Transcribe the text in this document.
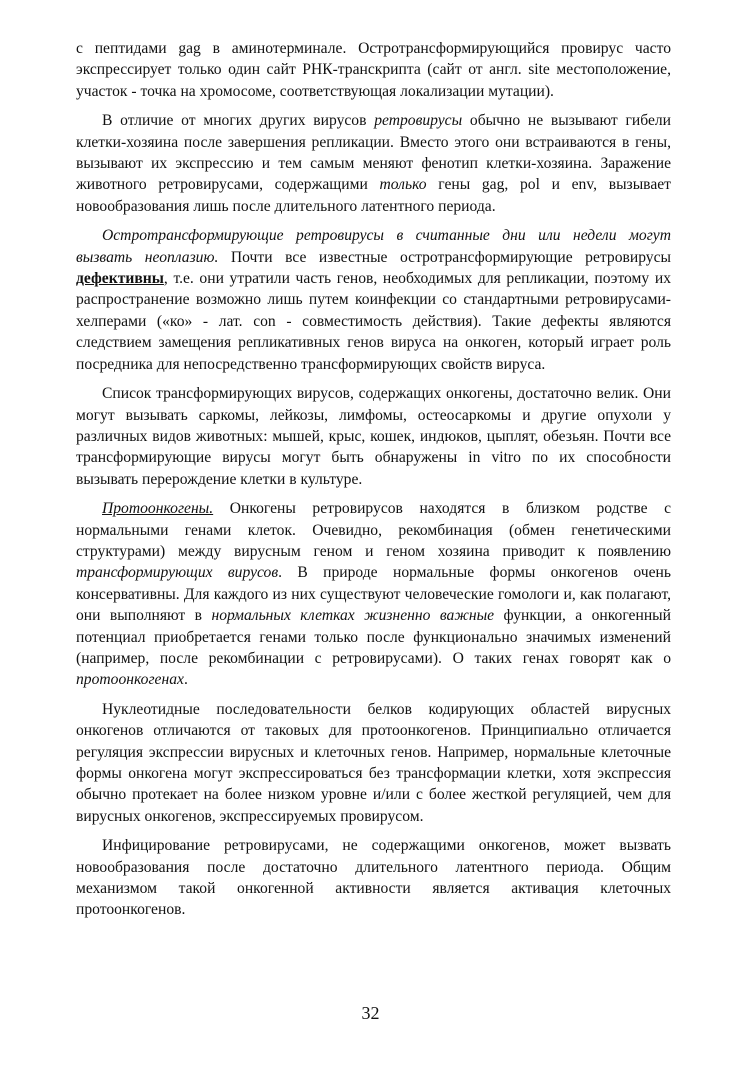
с пептидами gag в аминотерминале. Остротрансформирующийся провирус часто экспрессирует только один сайт РНК-транскрипта (сайт от англ. site местоположение, участок - точка на хромосоме, соответствующая локализации мутации).

В отличие от многих других вирусов ретровирусы обычно не вызывают гибели клетки-хозяина после завершения репликации. Вместо этого они встраиваются в гены, вызывают их экспрессию и тем самым меняют фенотип клетки-хозяина. Заражение животного ретровирусами, содержащими только гены gag, pol и env, вызывает новообразования лишь после длительного латентного периода.

Остротрансформирующие ретровирусы в считанные дни или недели могут вызвать неоплазию. Почти все известные остротрансформирующие ретровирусы дефективны, т.е. они утратили часть генов, необходимых для репликации, поэтому их распространение возможно лишь путем коинфекции со стандартными ретровирусами-хелперами («ко» - лат. con - совместимость действия). Такие дефекты являются следствием замещения репликативных генов вируса на онкоген, который играет роль посредника для непосредственно трансформирующих свойств вируса.

Список трансформирующих вирусов, содержащих онкогены, достаточно велик. Они могут вызывать саркомы, лейкозы, лимфомы, остеосаркомы и другие опухоли у различных видов животных: мышей, крыс, кошек, индюков, цыплят, обезьян. Почти все трансформирующие вирусы могут быть обнаружены in vitro по их способности вызывать перерождение клетки в культуре.

Протоонкогены. Онкогены ретровирусов находятся в близком родстве с нормальными генами клеток. Очевидно, рекомбинация (обмен генетическими структурами) между вирусным геном и геном хозяина приводит к появлению трансформирующих вирусов. В природе нормальные формы онкогенов очень консервативны. Для каждого из них существуют человеческие гомологи и, как полагают, они выполняют в нормальных клетках жизненно важные функции, а онкогенный потенциал приобретается генами только после функционально значимых изменений (например, после рекомбинации с ретровирусами). О таких генах говорят как о протоонкогенах.

Нуклеотидные последовательности белков кодирующих областей вирусных онкогенов отличаются от таковых для протоонкогенов. Принципиально отличается регуляция экспрессии вирусных и клеточных генов. Например, нормальные клеточные формы онкогена могут экспрессироваться без трансформации клетки, хотя экспрессия обычно протекает на более низком уровне и/или с более жесткой регуляцией, чем для вирусных онкогенов, экспрессируемых провирусом.

Инфицирование ретровирусами, не содержащими онкогенов, может вызвать новообразования после достаточно длительного латентного периода. Общим механизмом такой онкогенной активности является активация клеточных протоонкогенов.

32
